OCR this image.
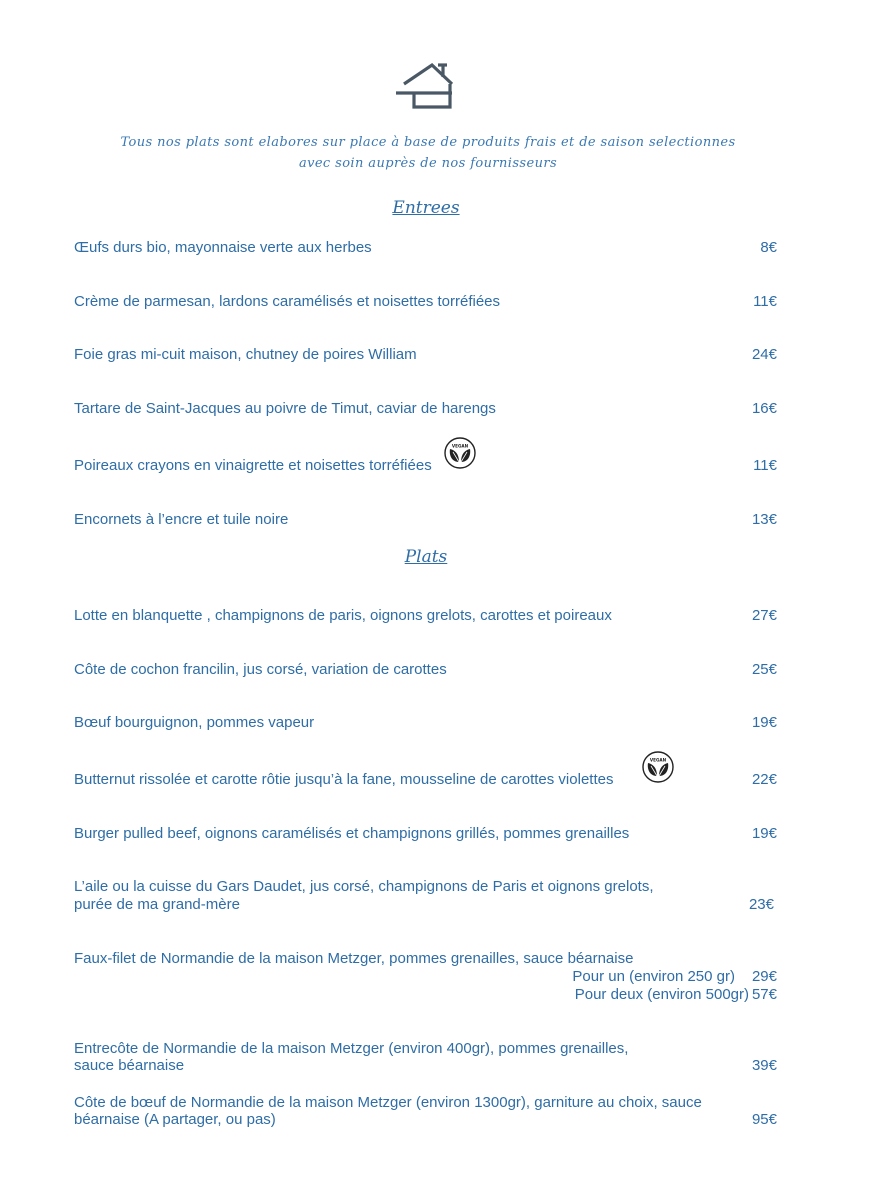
Tous nos plats sont elabores sur place à base de produits frais et de saison selectionnes
avec soin auprès de nos fournisseurs
Entrees
Œufs durs bio, mayonnaise verte aux herbes	8€
Crème de parmesan, lardons caramélisés et noisettes torréfiées	11€
Foie gras mi-cuit maison, chutney de poires William	24€
Tartare de Saint-Jacques au poivre de Timut, caviar de harengs	16€
Poireaux crayons en vinaigrette et noisettes torréfiées	11€
VEGAN
Encornets à l’encre et tuile noire	13€
Plats
Lotte en blanquette , champignons de paris, oignons grelots, carottes et poireaux	27€
Côte de cochon francilin, jus corsé, variation de carottes	25€
Bœuf bourguignon, pommes vapeur	19€
Butternut rissolée et carotte rôtie jusqu’à la fane, mousseline de carottes violettes	22€
VEGAN
Burger pulled beef, oignons caramélisés et champignons grillés, pommes grenailles	19€
L’aile ou la cuisse du Gars Daudet, jus corsé, champignons de Paris et oignons grelots,
purée de ma grand-mère	23€
Faux-filet de Normandie de la maison Metzger, pommes grenailles, sauce béarnaise
Pour un (environ 250 gr) 29€
Pour deux (environ 500gr) 57€
Entrecôte de Normandie de la maison Metzger (environ 400gr), pommes grenailles,
sauce béarnaise	39€
Côte de bœuf de Normandie de la maison Metzger (environ 1300gr), garniture au choix, sauce
béarnaise (A partager, ou pas)	95€
